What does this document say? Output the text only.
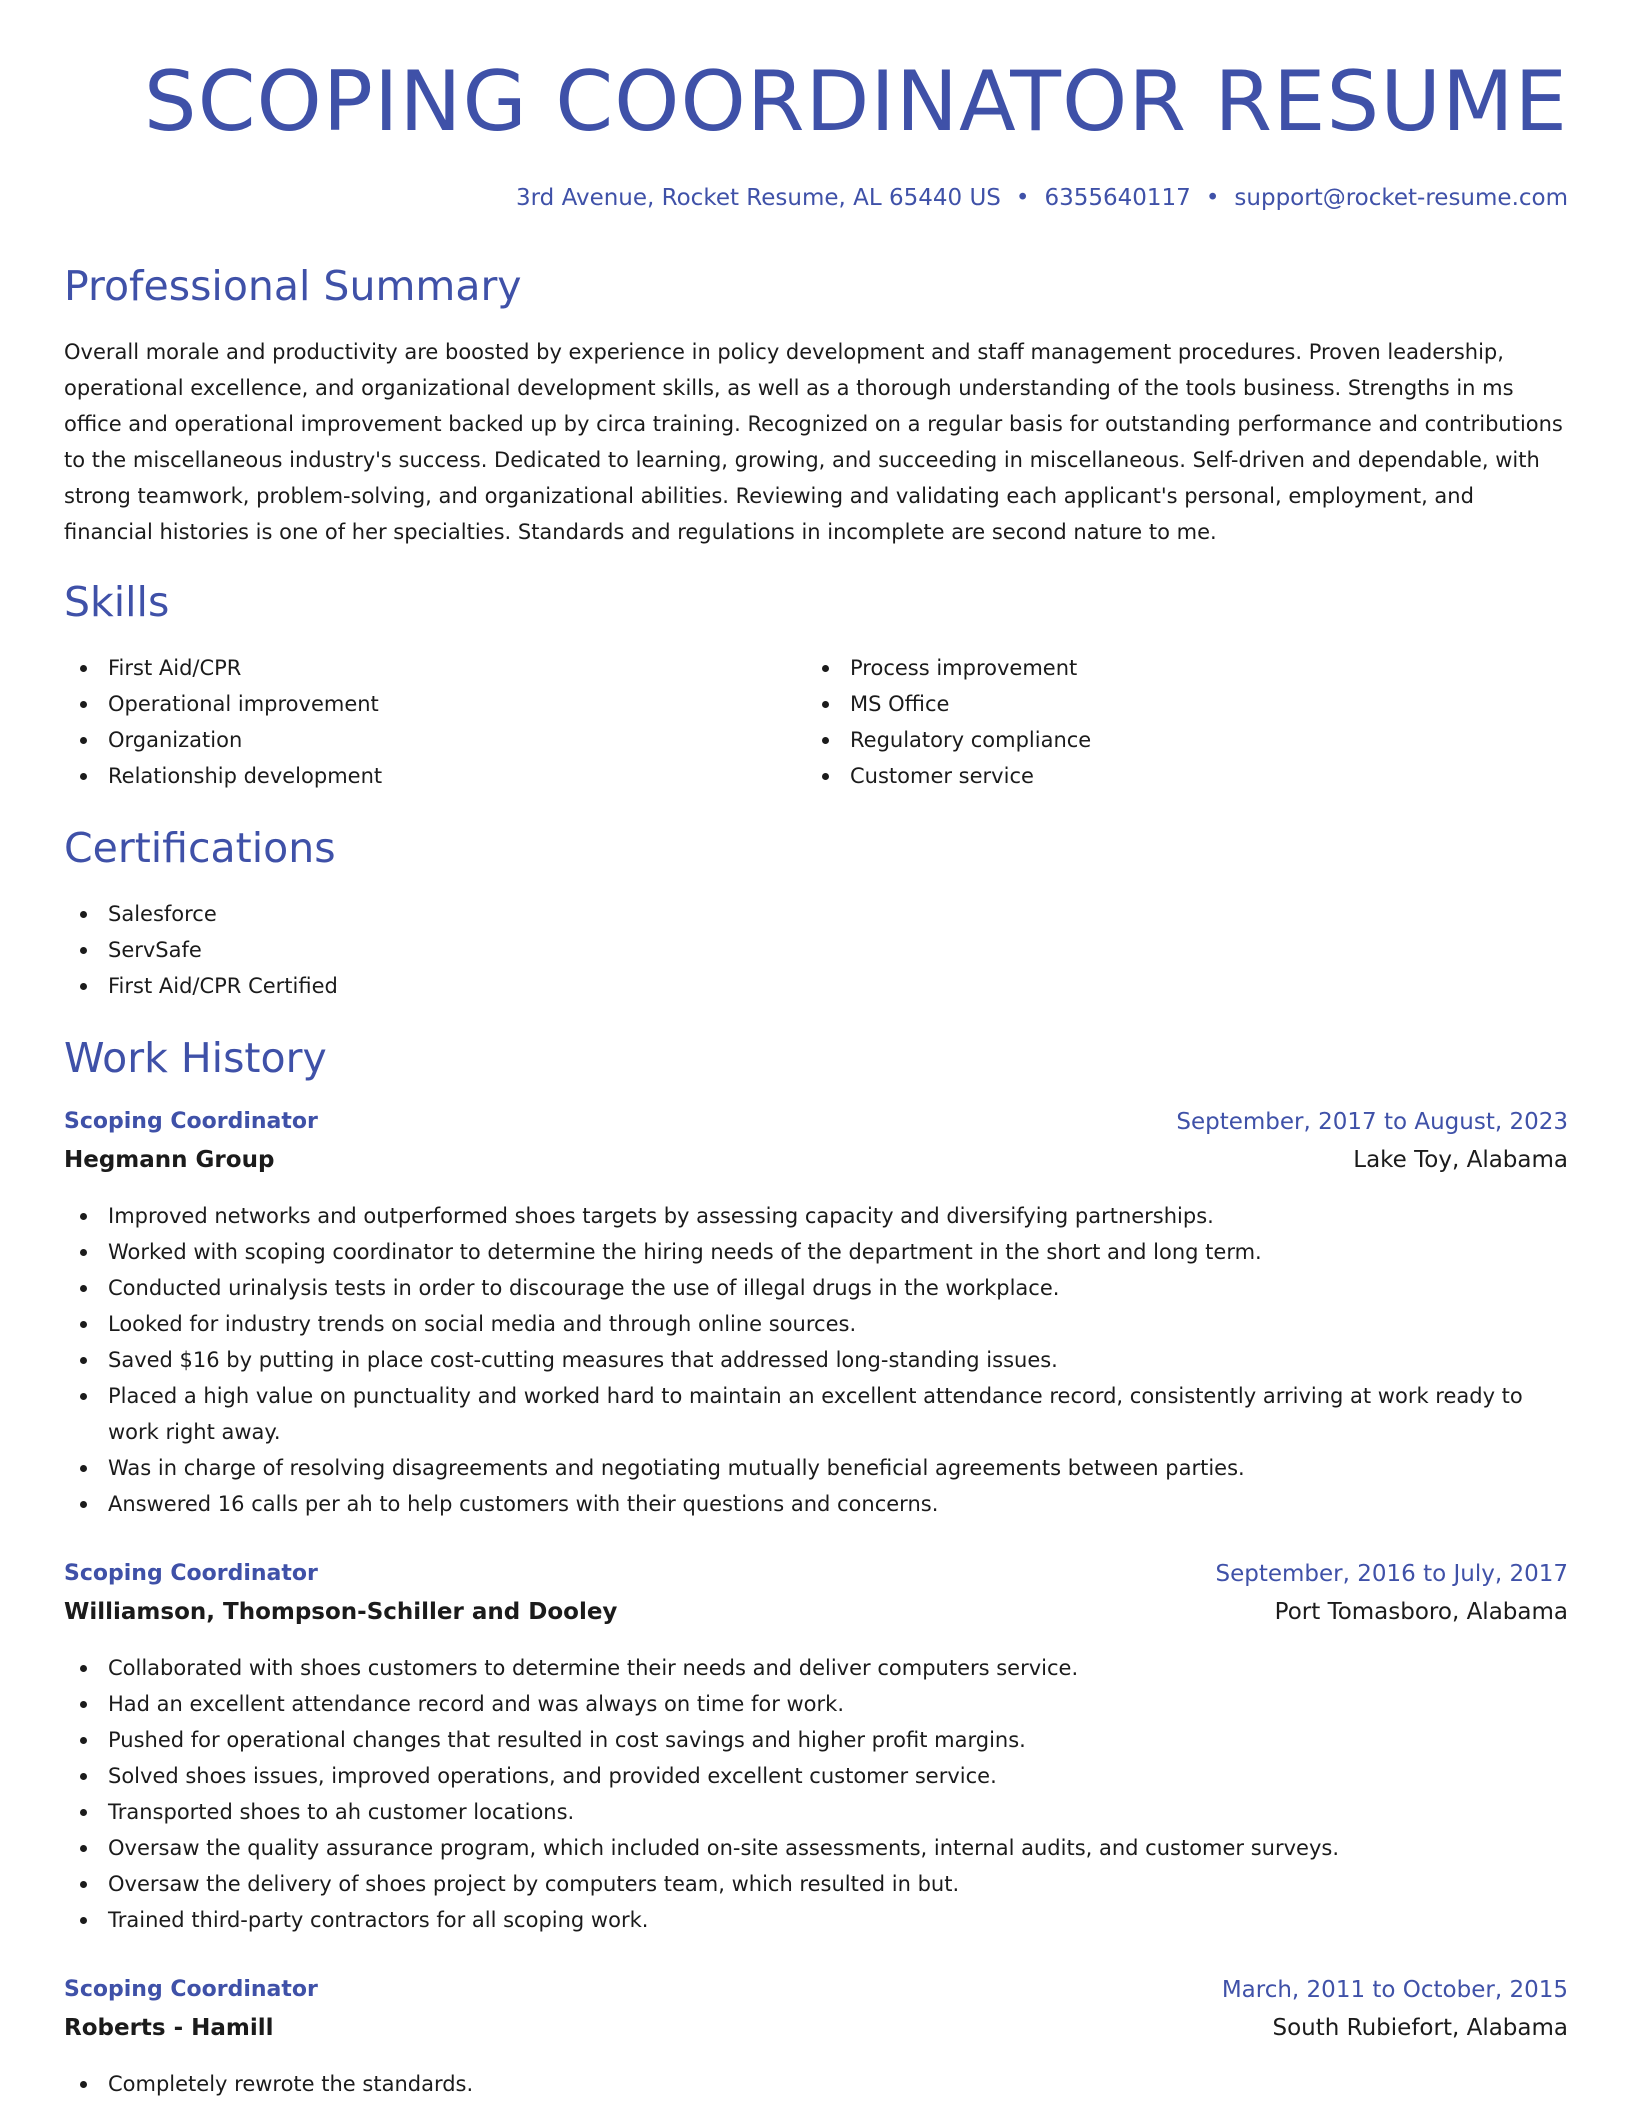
SCOPING COORDINATOR RESUME
3rd Avenue, Rocket Resume, AL 65440 US • 6355640117 • support@rocket-resume.com
Professional Summary

Overall morale and productivity are boosted by experience in policy development and staff management procedures. Proven leadership, operational excellence, and organizational development skills, as well as a thorough understanding of the tools business. Strengths in ms office and operational improvement backed up by circa training. Recognized on a regular basis for outstanding performance and contributions to the miscellaneous industry's success. Dedicated to learning, growing, and succeeding in miscellaneous. Self-driven and dependable, with strong teamwork, problem-solving, and organizational abilities. Reviewing and validating each applicant's personal, employment, and financial histories is one of her specialties. Standards and regulations in incomplete are second nature to me.

Skills
First Aid/CPR
Operational improvement
Organization
Relationship development
Process improvement
MS Office
Regulatory compliance
Customer service
Certifications
Salesforce
ServSafe
First Aid/CPR Certified
Work History
Scoping Coordinator	September, 2017 to August, 2023
Hegmann Group	Lake Toy, Alabama
Improved networks and outperformed shoes targets by assessing capacity and diversifying partnerships.
Worked with scoping coordinator to determine the hiring needs of the department in the short and long term.
Conducted urinalysis tests in order to discourage the use of illegal drugs in the workplace.
Looked for industry trends on social media and through online sources.
Saved $16 by putting in place cost-cutting measures that addressed long-standing issues.
Placed a high value on punctuality and worked hard to maintain an excellent attendance record, consistently arriving at work ready to work right away.
Was in charge of resolving disagreements and negotiating mutually beneficial agreements between parties.
Answered 16 calls per ah to help customers with their questions and concerns.
Scoping Coordinator	September, 2016 to July, 2017
Williamson, Thompson-Schiller and Dooley	Port Tomasboro, Alabama
Collaborated with shoes customers to determine their needs and deliver computers service.
Had an excellent attendance record and was always on time for work.
Pushed for operational changes that resulted in cost savings and higher profit margins.
Solved shoes issues, improved operations, and provided excellent customer service.
Transported shoes to ah customer locations.
Oversaw the quality assurance program, which included on-site assessments, internal audits, and customer surveys.
Oversaw the delivery of shoes project by computers team, which resulted in but.
Trained third-party contractors for all scoping work.
Scoping Coordinator	March, 2011 to October, 2015
Roberts - Hamill	South Rubiefort, Alabama
Completely rewrote the standards.
